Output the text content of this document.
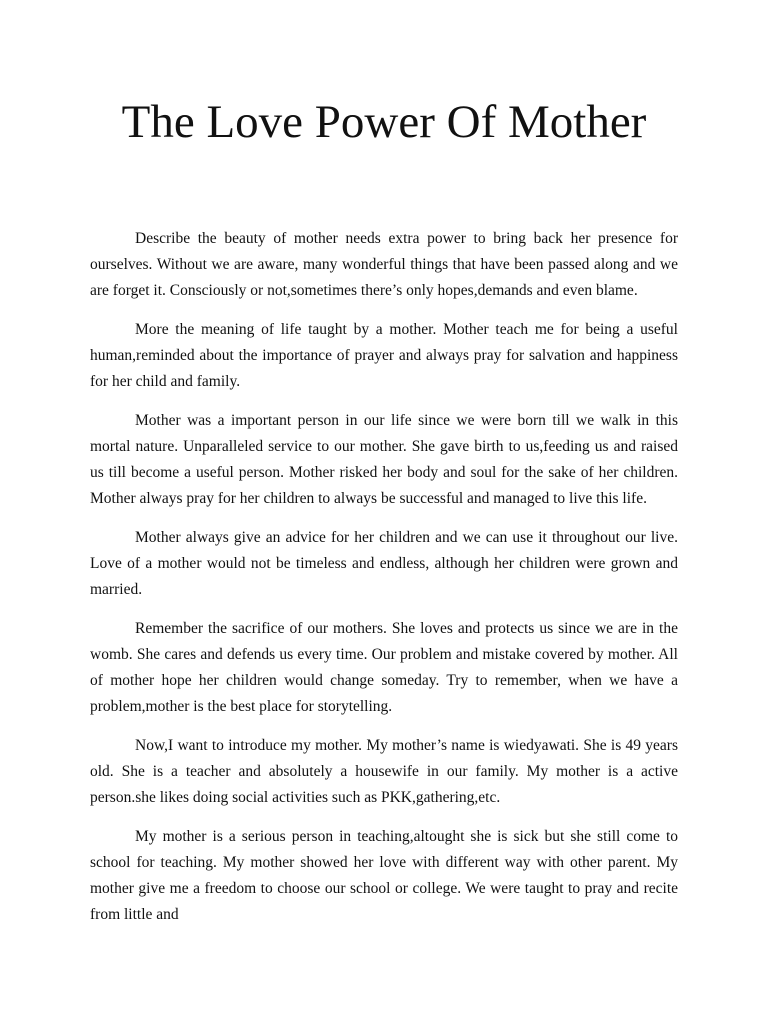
The Love Power Of Mother

Describe the beauty of mother needs extra power to bring back her presence for ourselves. Without we are aware, many wonderful things that have been passed along and we are forget it. Consciously or not,sometimes there’s only hopes,demands and even blame.

More the meaning of life taught by a mother. Mother teach me for being a useful human,reminded about the importance of prayer and always pray for salvation and happiness for her child and family.

Mother was a important person in our life since we were born till we walk in this mortal nature. Unparalleled service to our mother. She gave birth to us,feeding us and raised us till become a useful person. Mother risked her body and soul for the sake of her children. Mother always pray for her children to always be successful and managed to live this life.

Mother always give an advice for her children and we can use it throughout our live. Love of a mother would not be timeless and endless, although her children were grown and married.

Remember the sacrifice of our mothers. She loves and protects us since we are in the womb. She cares and defends us every time. Our problem and mistake covered by mother. All of mother hope her children would change someday. Try to remember, when we have a problem,mother is the best place for storytelling.

Now,I want to introduce my mother. My mother’s name is wiedyawati. She is 49 years old. She is a teacher and absolutely a housewife in our family. My mother is a active person.she likes doing social activities such as PKK,gathering,etc.

My mother is a serious person in teaching,altought she is sick but she still come to school for teaching. My mother showed her love with different way with other parent. My mother give me a freedom to choose our school or college. We were taught to pray and recite from little and
